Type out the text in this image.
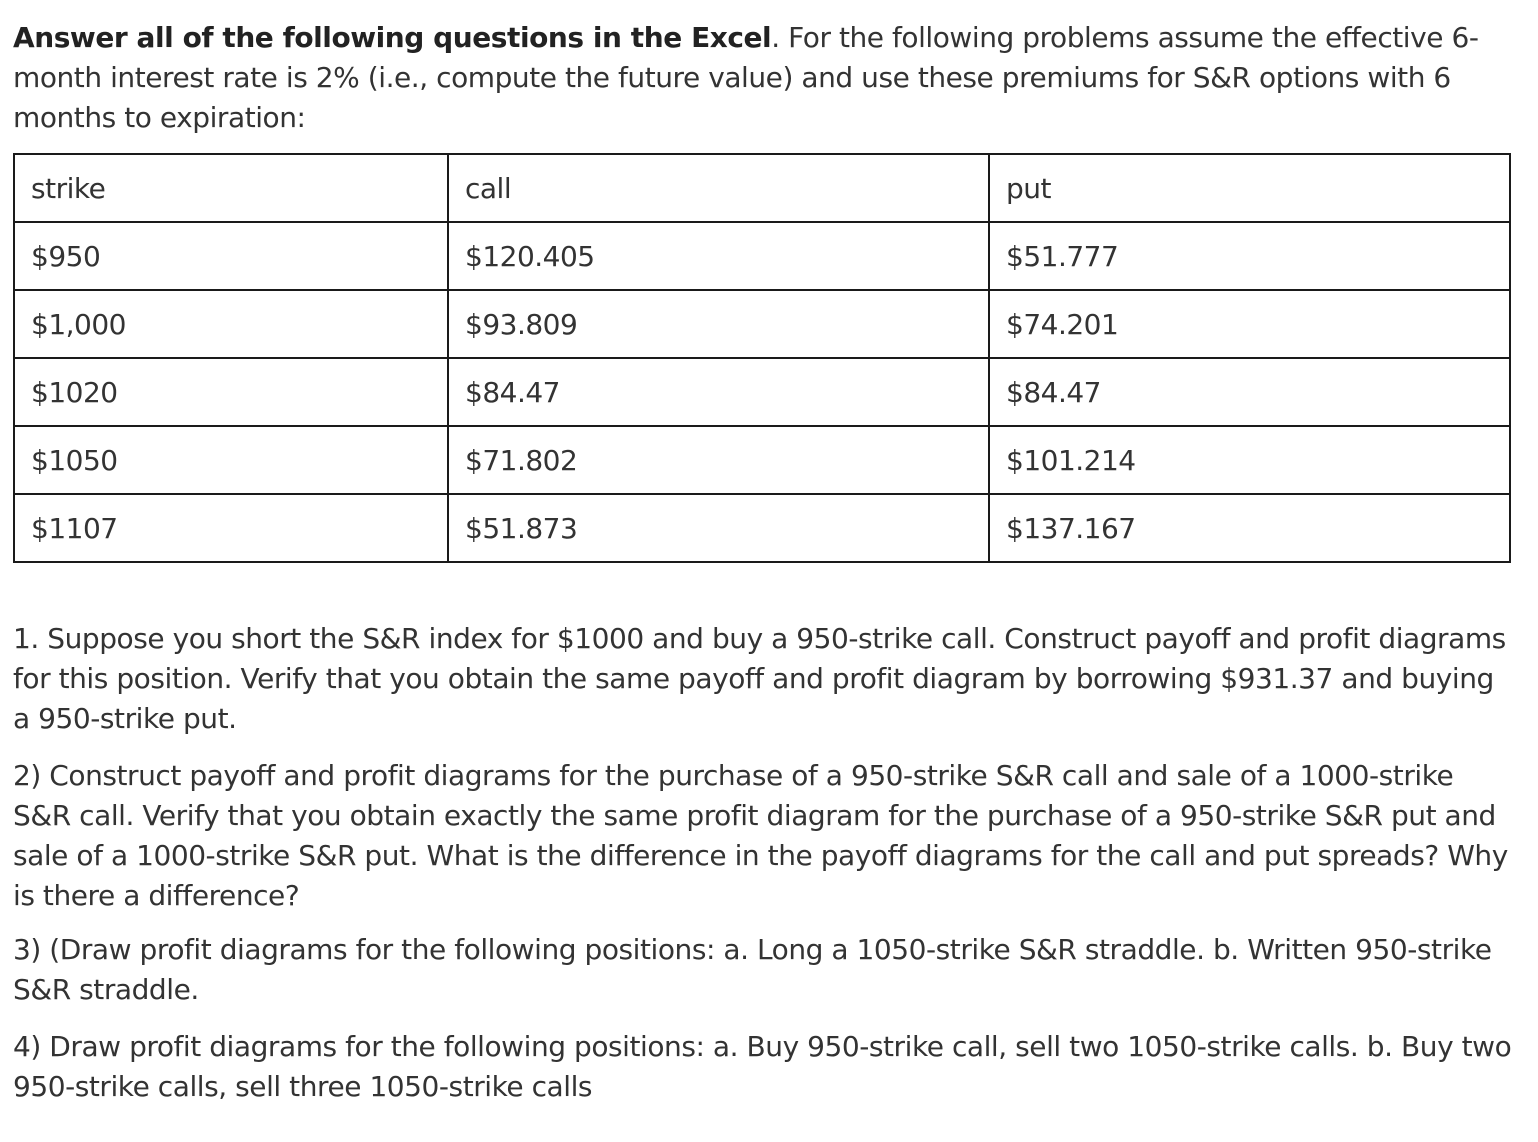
Answer all of the following questions in the Excel. For the following problems assume the effective 6-month interest rate is 2% (i.e., compute the future value) and use these premiums for S&R options with 6 months to expiration:

strike	call	put
$950	$120.405	$51.777
$1,000	$93.809	$74.201
$1020	$84.47	$84.47
$1050	$71.802	$101.214
$1107	$51.873	$137.167

1. Suppose you short the S&R index for $1000 and buy a 950-strike call. Construct payoff and profit diagrams for this position. Verify that you obtain the same payoff and profit diagram by borrowing $931.37 and buying a 950-strike put.

2) Construct payoff and profit diagrams for the purchase of a 950-strike S&R call and sale of a 1000-strike S&R call. Verify that you obtain exactly the same profit diagram for the purchase of a 950-strike S&R put and sale of a 1000-strike S&R put. What is the difference in the payoff diagrams for the call and put spreads? Why is there a difference?

3) (Draw profit diagrams for the following positions: a. Long a 1050-strike S&R straddle. b. Written 950-strike S&R straddle.

4) Draw profit diagrams for the following positions: a. Buy 950-strike call, sell two 1050-strike calls. b. Buy two 950-strike calls, sell three 1050-strike calls
